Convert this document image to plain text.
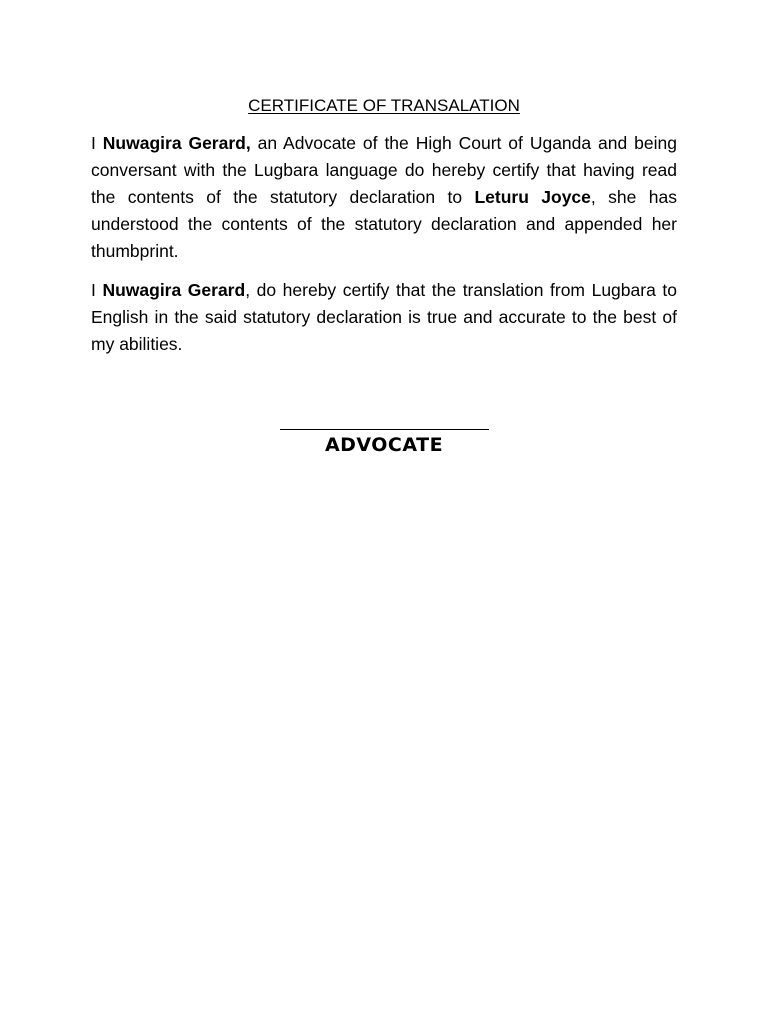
CERTIFICATE OF TRANSALATION

I Nuwagira Gerard, an Advocate of the High Court of Uganda and being conversant with the Lugbara language do hereby certify that having read the contents of the statutory declaration to Leturu Joyce, she has understood the contents of the statutory declaration and appended her thumbprint.

I Nuwagira Gerard, do hereby certify that the translation from Lugbara to English in the said statutory declaration is true and accurate to the best of my abilities.

ADVOCATE
